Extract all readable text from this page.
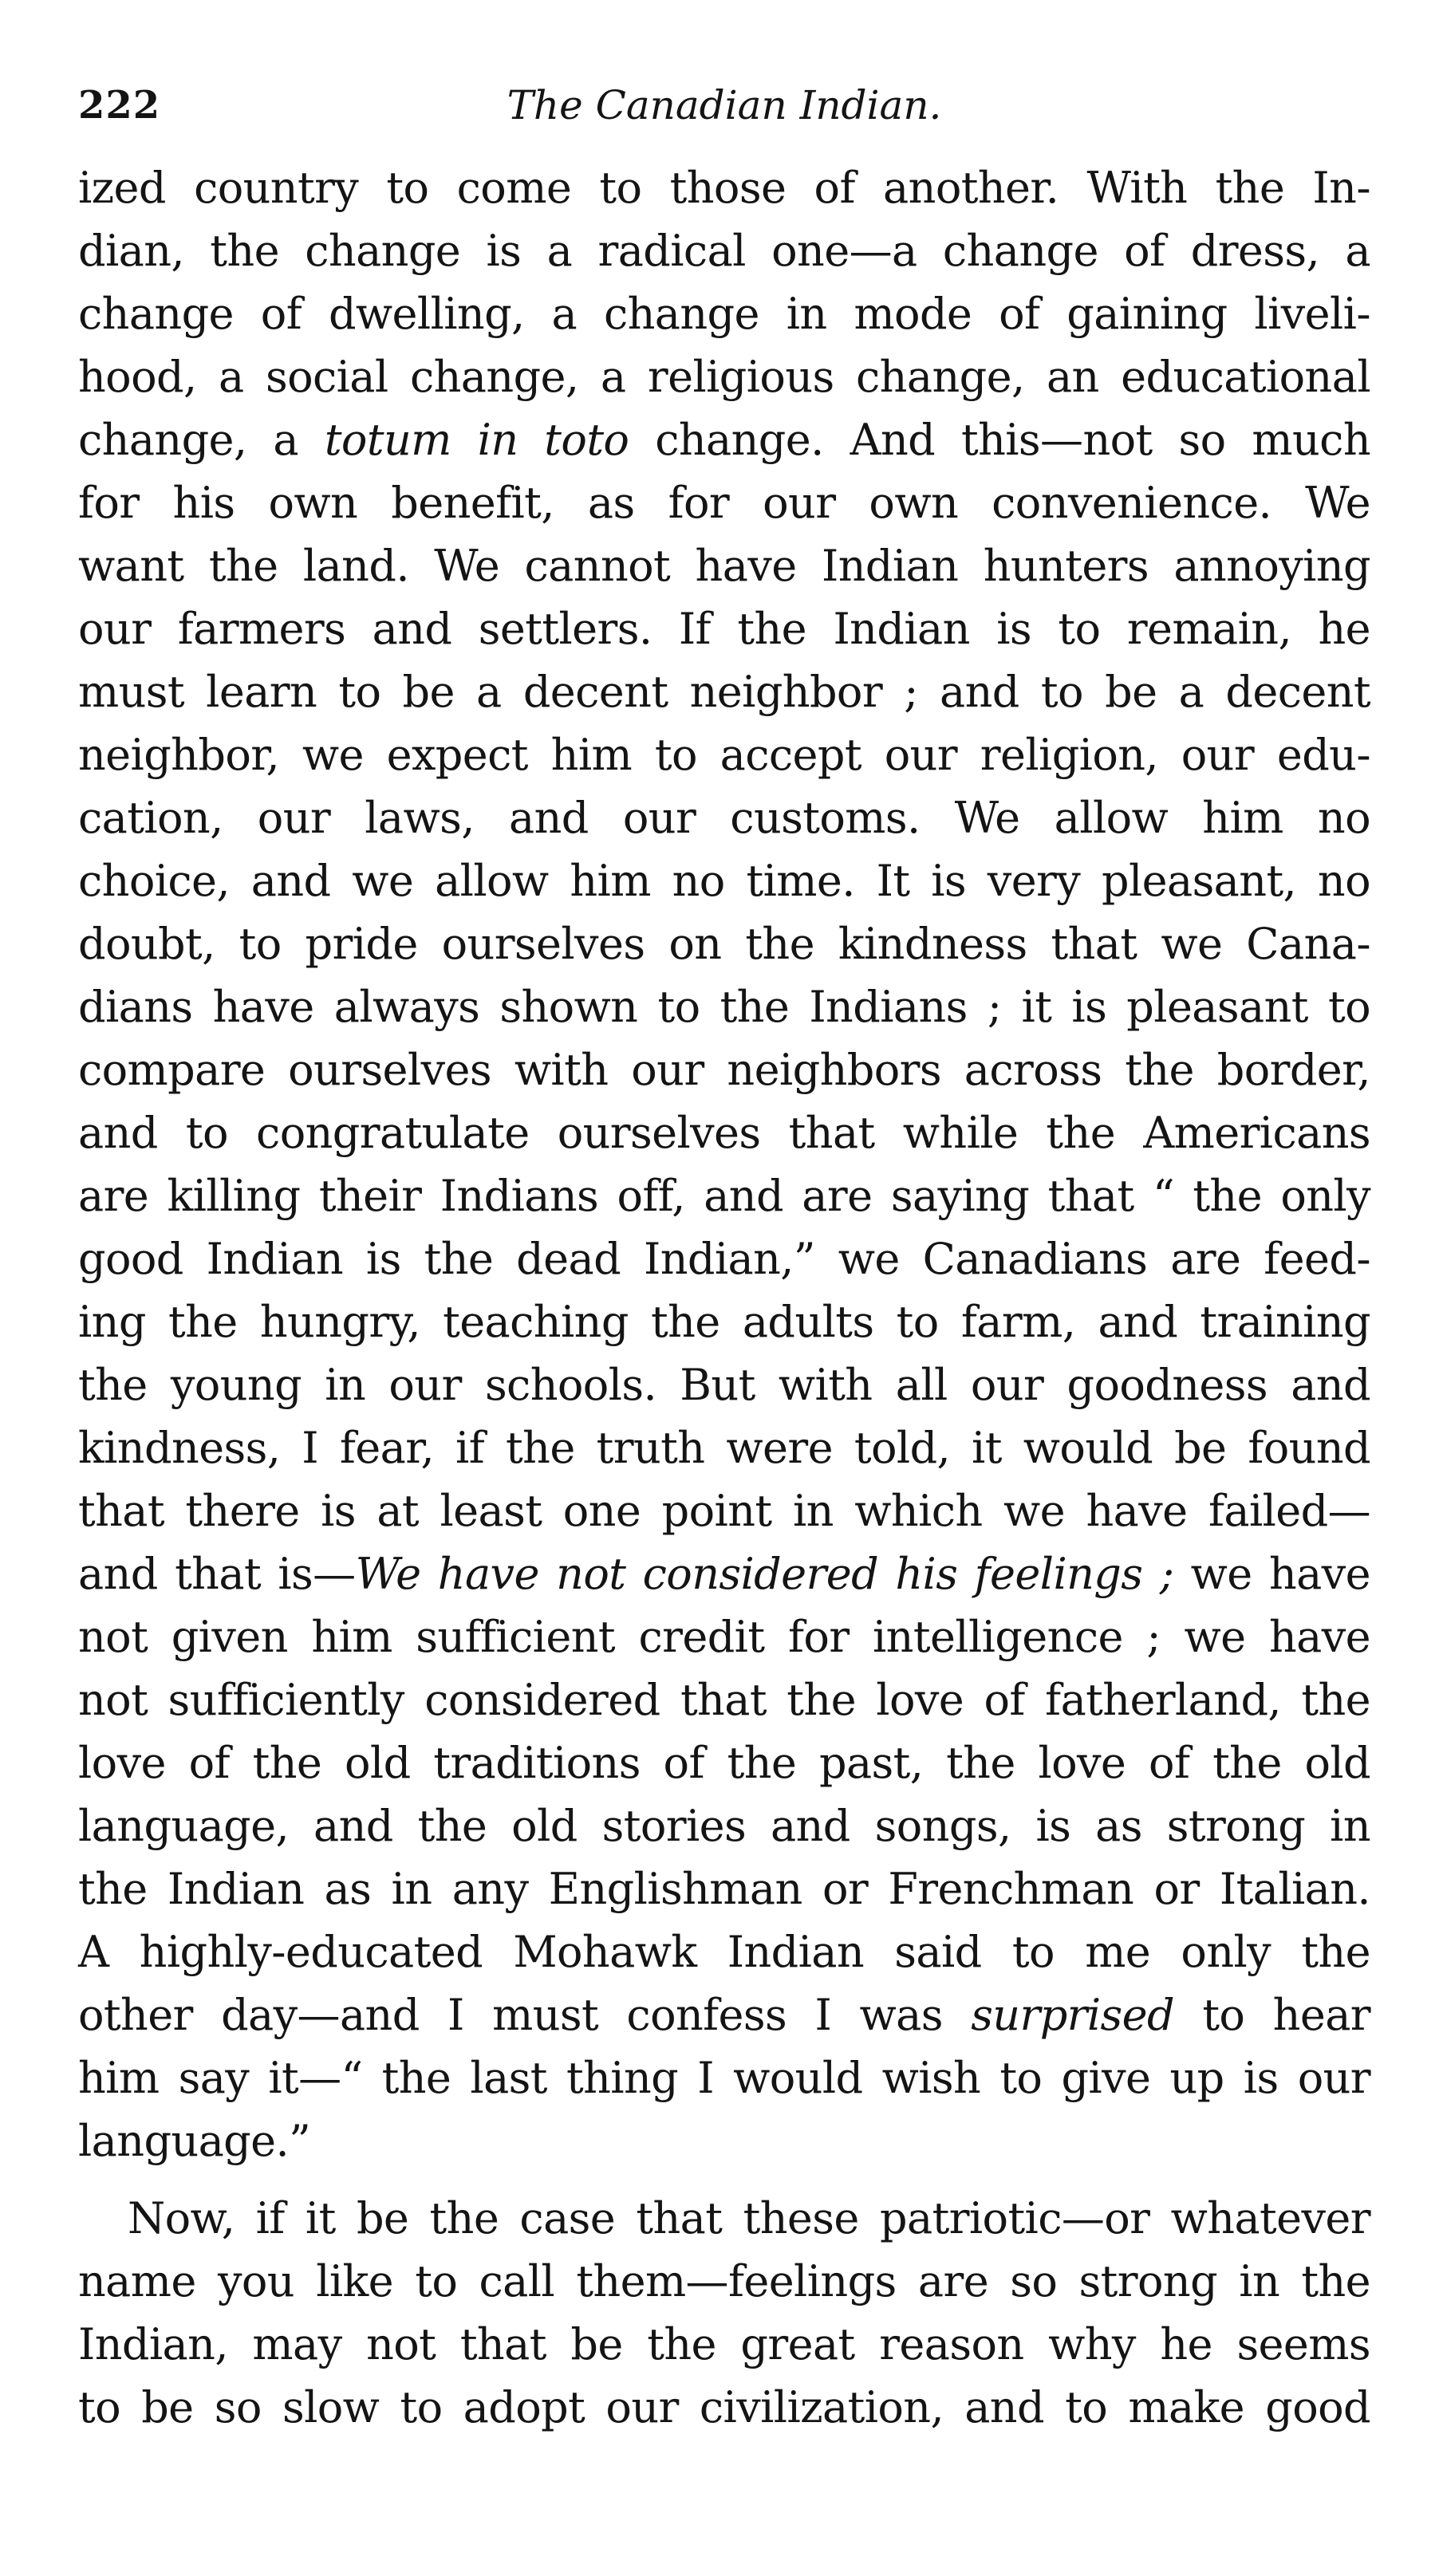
222	The Canadian Indian.
ized country to come to those of another. With the In-
dian, the change is a radical one—a change of dress, a
change of dwelling, a change in mode of gaining liveli-
hood, a social change, a religious change, an educational
change, a totum in toto change. And this—not so much
for his own benefit, as for our own convenience. We
want the land. We cannot have Indian hunters annoying
our farmers and settlers. If the Indian is to remain, he
must learn to be a decent neighbor ; and to be a decent
neighbor, we expect him to accept our religion, our edu-
cation, our laws, and our customs. We allow him no
choice, and we allow him no time. It is very pleasant, no
doubt, to pride ourselves on the kindness that we Cana-
dians have always shown to the Indians ; it is pleasant to
compare ourselves with our neighbors across the border,
and to congratulate ourselves that while the Americans
are killing their Indians off, and are saying that “ the only
good Indian is the dead Indian,” we Canadians are feed-
ing the hungry, teaching the adults to farm, and training
the young in our schools. But with all our goodness and
kindness, I fear, if the truth were told, it would be found
that there is at least one point in which we have failed—
and that is—We have not considered his feelings ; we have
not given him sufficient credit for intelligence ; we have
not sufficiently considered that the love of fatherland, the
love of the old traditions of the past, the love of the old
language, and the old stories and songs, is as strong in
the Indian as in any Englishman or Frenchman or Italian.
A highly-educated Mohawk Indian said to me only the
other day—and I must confess I was surprised to hear
him say it—“ the last thing I would wish to give up is our
language.”
Now, if it be the case that these patriotic—or whatever
name you like to call them—feelings are so strong in the
Indian, may not that be the great reason why he seems
to be so slow to adopt our civilization, and to make good
